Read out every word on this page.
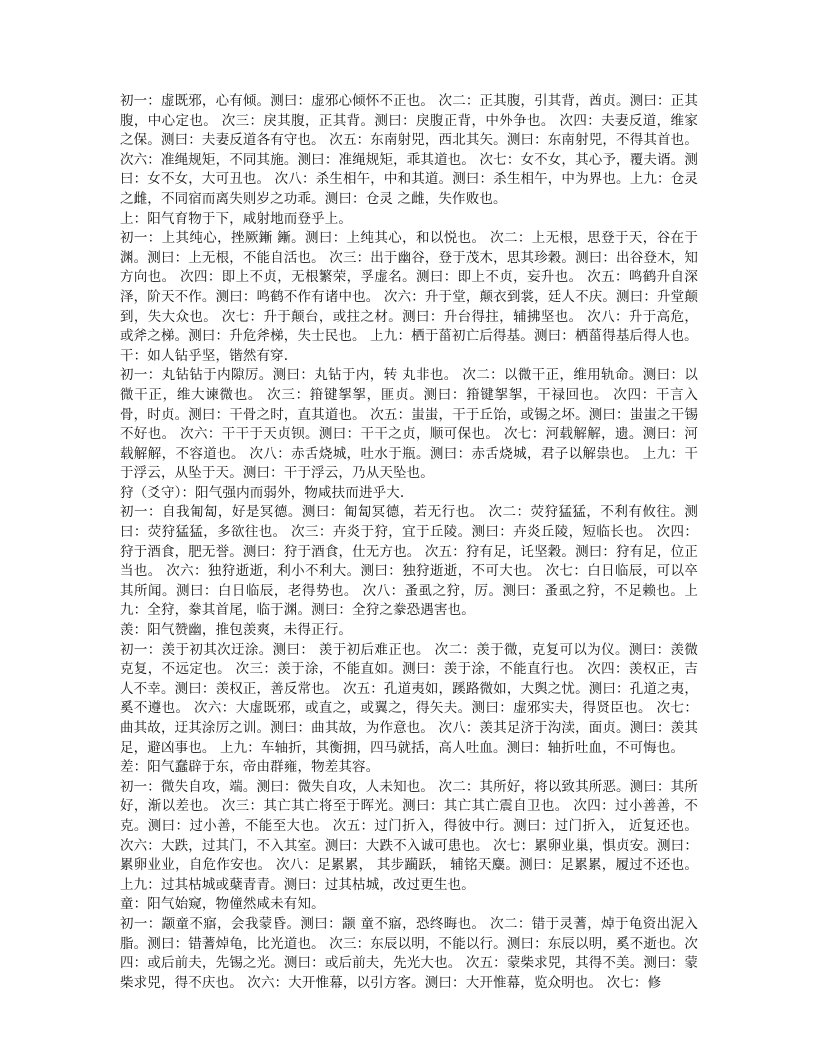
初一：虚既邪，心有倾。测曰：虚邪心倾怀不正也。 次二：正其腹，引其背，酋贞。测曰：正其腹，中心定也。 次三：戾其腹，正其背。测曰：戾腹正背，中外争也。 次四：夫妻反道，维家之保。测曰：夫妻反道各有守也。 次五：东南射兕，西北其矢。测曰：东南射兕，不得其首也。 次六：准绳规矩，不同其施。测曰：准绳规矩，乖其道也。 次七：女不女，其心予，覆夫谞。测曰：女不女，大可丑也。 次八：杀生相午，中和其道。测曰：杀生相午，中为界也。上九：仓灵 之雌，不同宿而离失则岁之功乖。测曰：仓灵 之雌，失作败也。

上：阳气育物于下，咸射地而登乎上。

初一：上其纯心，挫厥鏩 鏩。测曰：上纯其心，和以悦也。 次二：上无根，思登于天，谷在于渊。测曰：上无根，不能自活也。 次三：出于幽谷，登于茂木，思其珍穀。测曰：出谷登木，知方向也。 次四：即上不贞，无根繁荣，孚虚名。测曰：即上不贞，妄升也。 次五：鸣鹤升自深泽，阶天不作。测曰：鸣鹤不作有诸中也。 次六：升于堂，颠衣到裳，廷人不庆。测曰：升堂颠到，失大众也。 次七：升于颠台，或拄之材。测曰：升台得拄，辅拂坚也。 次八：升于高危，或斧之梯。测曰：升危斧梯，失士民也。 上九：栖于菑初亡后得基。测曰：栖菑得基后得人也。

干：如人钻乎坚，锴然有穿.

初一：丸钻钻于内隙厉。测曰：丸钻于内，转 丸非也。 次二：以微干正，维用轨命。测曰：以微干正，维大谏微也。 次三：箝键挐挐，匪贞。测曰：箝键挐挐，干禄回也。 次四：干言入骨，时贞。测曰：干骨之时，直其道也。 次五：蚩蚩，干于丘饴，或锡之坏。测曰：蚩蚩之干锡不好也。 次六：干干于天贞钡。测曰：干干之贞，顺可保也。 次七：河载解解，遗。测曰：河载解解，不容道也。 次八：赤舌烧城，吐水于瓶。测曰：赤舌烧城，君子以解祟也。 上九：干于浮云，从坠于天。测曰：干于浮云，乃从天坠也。

狩（爻守）：阳气强内而弱外，物咸扶而进乎大.

初一：自我匍匐，好是冥德。测曰：匍匐冥德，若无行也。 次二：荧狩猛猛，不利有攸往。测曰：荧狩猛猛，多欲往也。 次三：卉炎于狩，宜于丘陵。测曰：卉炎丘陵，短临长也。 次四：狩于酒食，肥无誉。测曰：狩于酒食，仕无方也。 次五：狩有足，讬坚穀。测曰：狩有足，位正当也。 次六：独狩逝逝，利小不利大。测曰：独狩逝逝，不可大也。 次七：白日临辰，可以卒其所闻。测曰：白日临辰，老得势也。 次八：蚤虱之狩，厉。测曰：蚤虱之狩，不足赖也。上九：全狩，豢其首尾，临于渊。测曰：全狩之豢恐遇害也。

羡：阳气赞幽，推包羡爽，未得正行。

初一：羡于初其次迂涂。测曰： 羡于初后难正也。 次二：羡于微，克复可以为仪。测曰：羡微克复，不远定也。 次三：羡于涂，不能直如。测曰：羡于涂，不能直行也。 次四：羡权正，吉人不幸。测曰：羡权正，善反常也。 次五：孔道夷如，蹊路微如，大舆之忧。测曰：孔道之夷，奚不遵也。 次六：大虚既邪，或直之，或翼之，得矢夫。测曰：虚邪实夫，得贤臣也。 次七：曲其故，迂其涂厉之训。测曰：曲其故，为作意也。 次八：羡其足济于沟渎，面贞。测曰：羡其足，避凶事也。 上九：车轴折，其衡拥，四马就括，高人吐血。测曰：轴折吐血，不可悔也。

差：阳气蠢辟于东，帝由群雍，物差其容。

初一：微失自攻，端。测曰：微失自攻，人未知也。 次二：其所好，将以致其所恶。测曰：其所好，渐以差也。 次三：其亡其亡将至于晖光。测曰：其亡其亡震自卫也。 次四：过小善善，不克。测曰：过小善，不能至大也。 次五：过门折入，得彼中行。测曰：过门折入， 近复还也。次六：大跌，过其门，不入其室。测曰：大跌不入诚可患也。 次七：累卵业巢，惧贞安。测曰：累卵业业，自危作安也。 次八：足累累， 其步躏跃， 辅铭天麋。测曰：足累累，履过不还也。 上九：过其枯城或蘖青青。测曰：过其枯城，改过更生也。

童：阳气始窥，物僮然咸未有知。

初一：颛童不寤，会我蒙昏。测曰：颛 童不寤，恐终晦也。 次二：错于灵蓍，焯于龟资出泥入脂。测曰：错蓍焯龟，比光道也。 次三：东辰以明，不能以行。测曰：东辰以明，奚不逝也。次四：或后前夫，先锡之光。测曰：或后前夫，先光大也。 次五：蒙柴求兕，其得不美。测曰：蒙柴求兕，得不庆也。 次六：大开惟幕，以引方客。测曰：大开惟幕，览众明也。 次七：修
